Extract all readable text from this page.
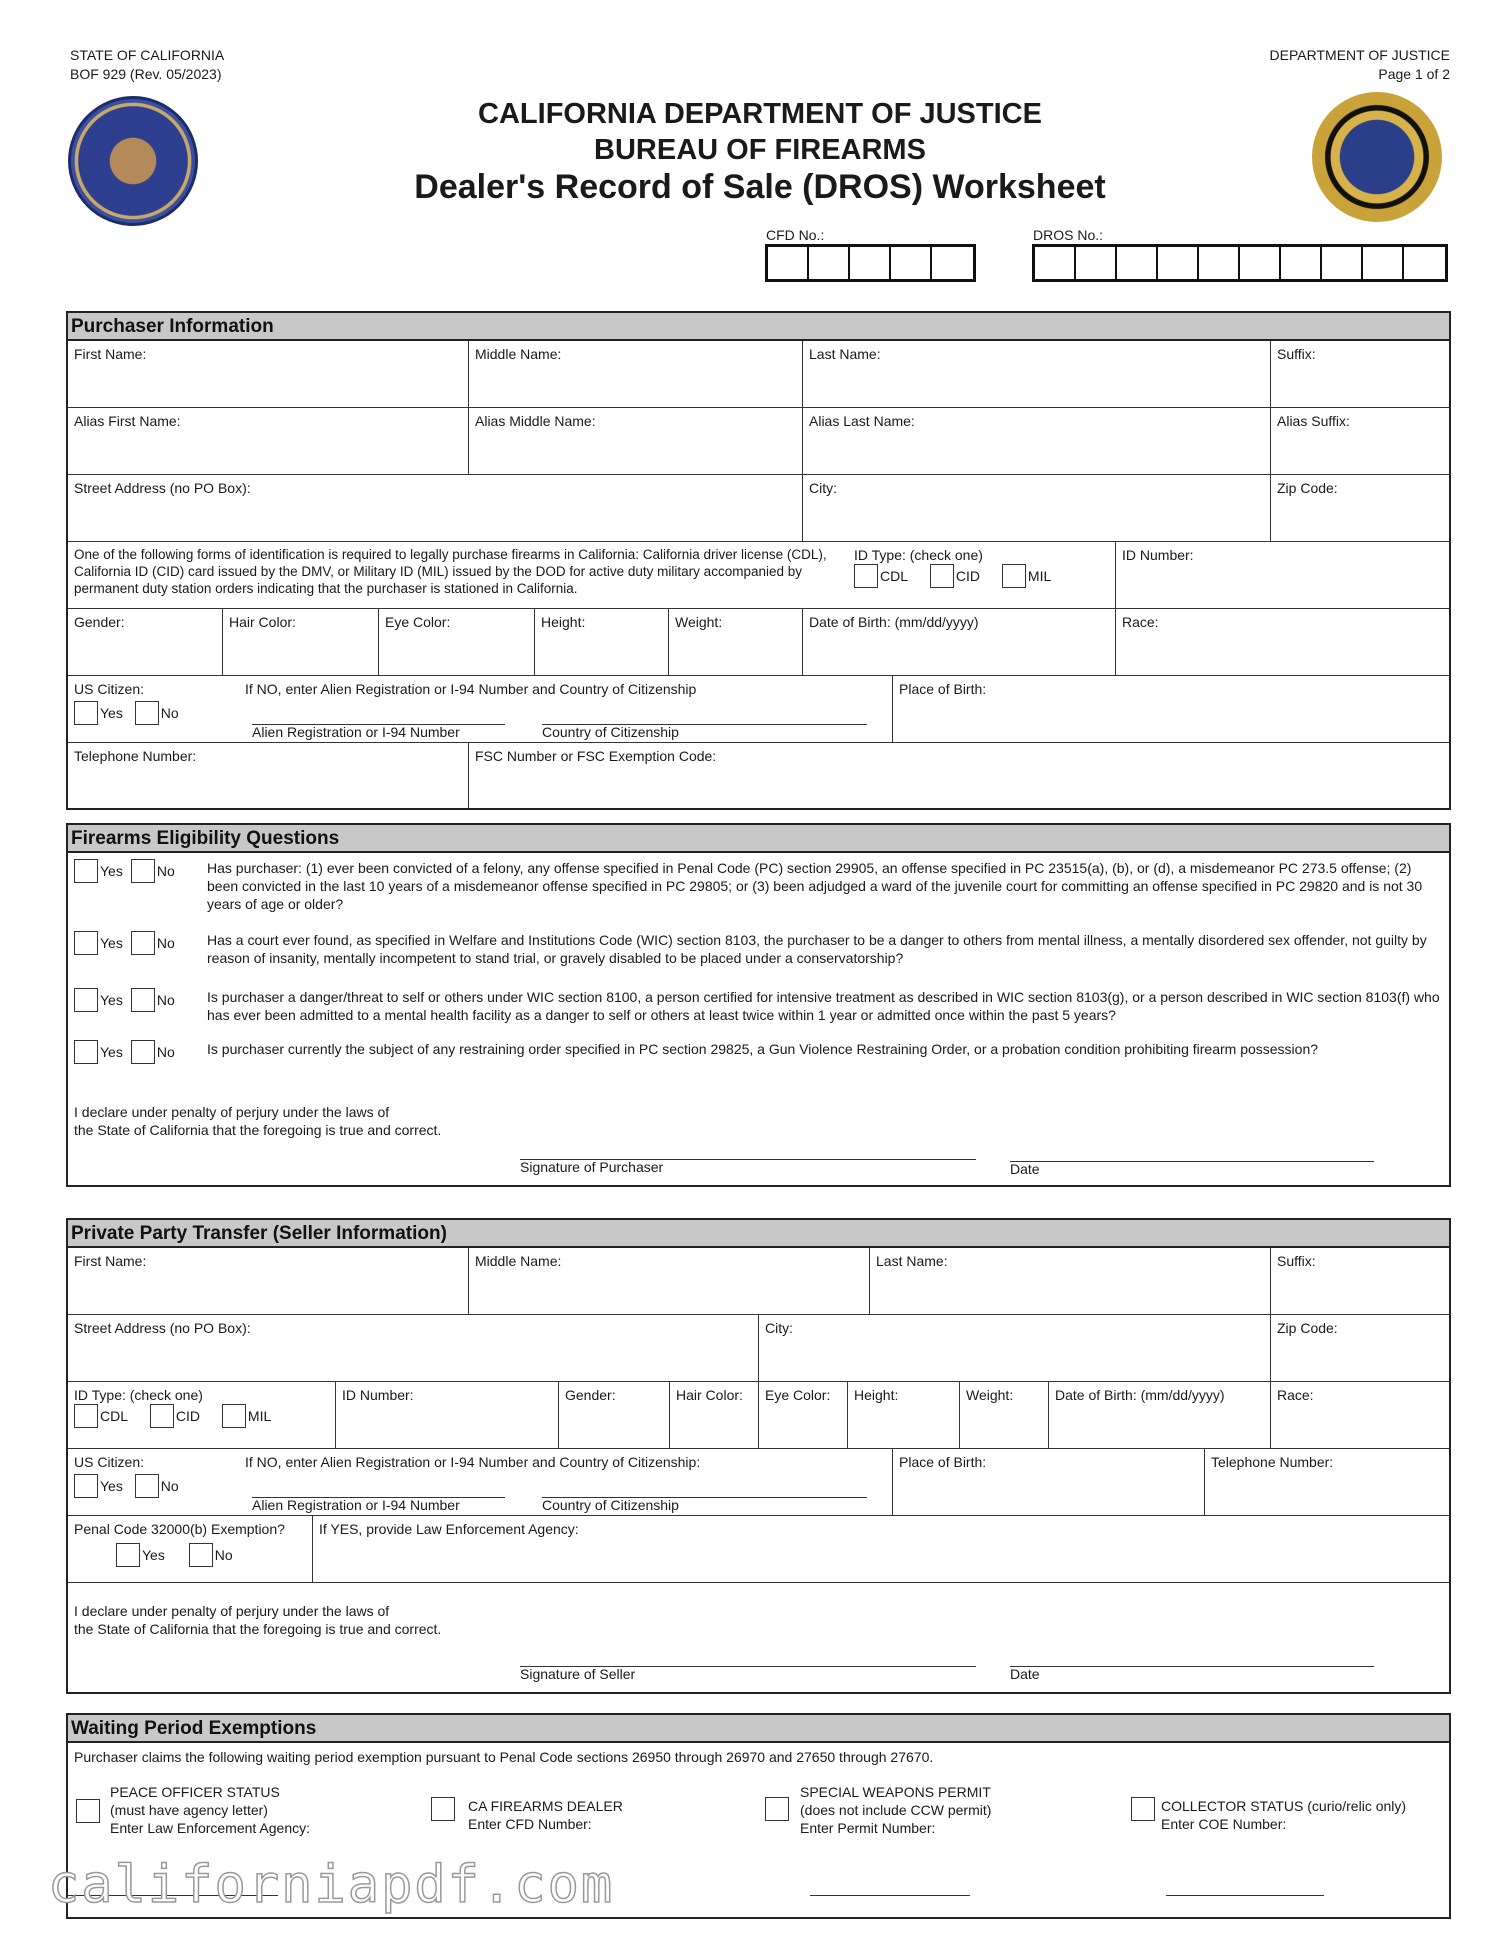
STATE OF CALIFORNIA
BOF 929 (Rev. 05/2023)
DEPARTMENT OF JUSTICE
Page 1 of 2
CALIFORNIA DEPARTMENT OF JUSTICE
BUREAU OF FIREARMS
Dealer's Record of Sale (DROS) Worksheet
CFD No.:	DROS No.:
Purchaser Information
First Name:	Middle Name:	Last Name:	Suffix:
Alias First Name:	Alias Middle Name:	Alias Last Name:	Alias Suffix:
Street Address (no PO Box):	City:	Zip Code:
One of the following forms of identification is required to legally purchase firearms in California: California driver license (CDL), California ID (CID) card issued by the DMV, or Military ID (MIL) issued by the DOD for active duty military accompanied by permanent duty station orders indicating that the purchaser is stationed in California.
ID Type: (check one)
CDL
	CID
	MIL
ID Number:
Gender:	Hair Color:	Eye Color:	Height:	Weight:	Date of Birth: (mm/dd/yyyy)	Race:
US Citizen:	If NO, enter Alien Registration or I-94 Number and Country of Citizenship
Yes
	No
Alien Registration or I-94 Number	Country of Citizenship
Place of Birth:
Telephone Number:	FSC Number or FSC Exemption Code:
Firearms Eligibility Questions
Yes No Has purchaser: (1) ever been convicted of a felony, any offense specified in Penal Code (PC) section 29905, an offense specified in PC 23515(a), (b), or (d), a misdemeanor PC 273.5 offense; (2) been convicted in the last 10 years of a misdemeanor offense specified in PC 29805; or (3) been adjudged a ward of the juvenile court for committing an offense specified in PC 29820 and is not 30 years of age or older?
Yes No Has a court ever found, as specified in Welfare and Institutions Code (WIC) section 8103, the purchaser to be a danger to others from mental illness, a mentally disordered sex offender, not guilty by reason of insanity, mentally incompetent to stand trial, or gravely disabled to be placed under a conservatorship?
Yes No Is purchaser a danger/threat to self or others under WIC section 8100, a person certified for intensive treatment as described in WIC section 8103(g), or a person described in WIC section 8103(f) who has ever been admitted to a mental health facility as a danger to self or others at least twice within 1 year or admitted once within the past 5 years?
Yes No Is purchaser currently the subject of any restraining order specified in PC section 29825, a Gun Violence Restraining Order, or a probation condition prohibiting firearm possession?
I declare under penalty of perjury under the laws of
the State of California that the foregoing is true and correct.
Signature of Purchaser	Date
Private Party Transfer (Seller Information)
First Name:	Middle Name:	Last Name:	Suffix:
Street Address (no PO Box):	City:	Zip Code:
ID Type: (check one)
CDL
	CID
	MIL
ID Number:	Gender:	Hair Color:	Eye Color:	Height:	Weight:	Date of Birth: (mm/dd/yyyy)	Race:
US Citizen:	If NO, enter Alien Registration or I-94 Number and Country of Citizenship:
Yes
	No
Alien Registration or I-94 Number	Country of Citizenship
Place of Birth:	Telephone Number:
Penal Code 32000(b) Exemption?
Yes
	No
If YES, provide Law Enforcement Agency:
I declare under penalty of perjury under the laws of
the State of California that the foregoing is true and correct.
Signature of Seller	Date
Waiting Period Exemptions
Purchaser claims the following waiting period exemption pursuant to Penal Code sections 26950 through 26970 and 27650 through 27670.
PEACE OFFICER STATUS
(must have agency letter)
Enter Law Enforcement Agency:
CA FIREARMS DEALER
Enter CFD Number:
SPECIAL WEAPONS PERMIT
(does not include CCW permit)
Enter Permit Number:
COLLECTOR STATUS (curio/relic only)
Enter COE Number:
californiapdf.com
